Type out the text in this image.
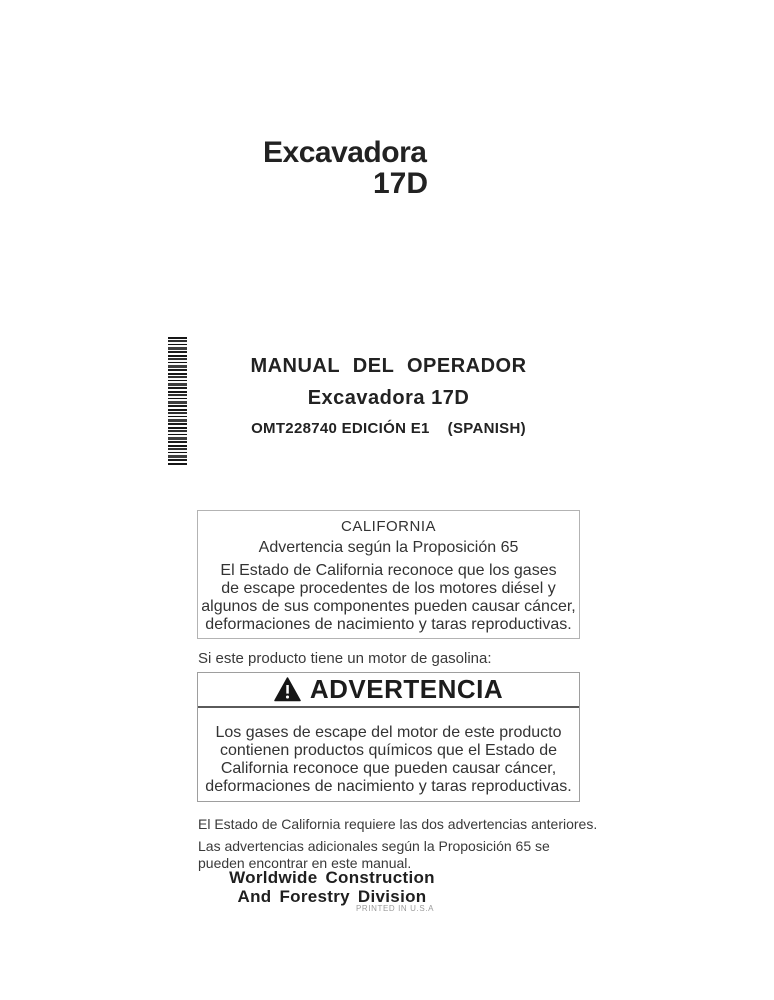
Excavadora
17D
MANUAL DEL OPERADOR
Excavadora 17D
OMT228740 EDICIÓN E1 (SPANISH)
CALIFORNIA
Advertencia según la Proposición 65
El Estado de California reconoce que los gases
de escape procedentes de los motores diésel y
algunos de sus componentes pueden causar cáncer,
deformaciones de nacimiento y taras reproductivas.
Si este producto tiene un motor de gasolina:
ADVERTENCIA
Los gases de escape del motor de este producto
contienen productos químicos que el Estado de
California reconoce que pueden causar cáncer,
deformaciones de nacimiento y taras reproductivas.
El Estado de California requiere las dos advertencias anteriores.
Las advertencias adicionales según la Proposición 65 se
pueden encontrar en este manual.
Worldwide Construction
And Forestry Division
PRINTED IN U.S.A
